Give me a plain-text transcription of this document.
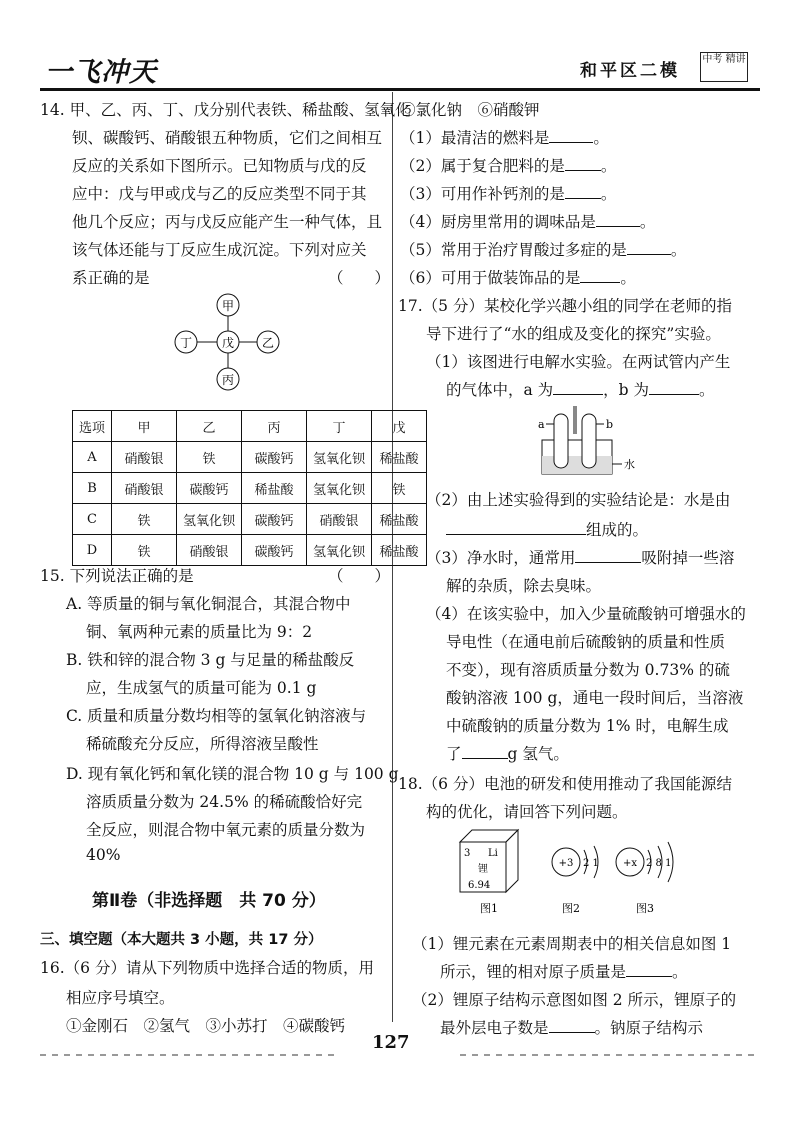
一飞冲天	和平区二模
中考 精讲
14. 甲、乙、丙、丁、戊分别代表铁、稀盐酸、氢氧化
钡、碳酸钙、硝酸银五种物质，它们之间相互
反应的关系如下图所示。已知物质与戊的反
应中：戊与甲或戊与乙的反应类型不同于其
他几个反应；丙与戊反应能产生一种气体，且
该气体还能与丁反应生成沉淀。下列对应关
系正确的是	（　　）
甲
丁 戊 乙
丙
选项	甲	乙	丙	丁	戊
A	硝酸银	铁	碳酸钙	氢氧化钡	稀盐酸
B	硝酸银	碳酸钙	稀盐酸	氢氧化钡	铁
C	铁	氢氧化钡	碳酸钙	硝酸银	稀盐酸
D	铁	硝酸银	碳酸钙	氢氧化钡	稀盐酸
15. 下列说法正确的是	（　　）
A. 等质量的铜与氧化铜混合，其混合物中
铜、氧两种元素的质量比为 9：2
B. 铁和锌的混合物 3 g 与足量的稀盐酸反
应，生成氢气的质量可能为 0.1 g
C. 质量和质量分数均相等的氢氧化钠溶液与
稀硫酸充分反应，所得溶液呈酸性
D. 现有氧化钙和氧化镁的混合物 10 g 与 100 g
溶质质量分数为 24.5% 的稀硫酸恰好完
全反应，则混合物中氧元素的质量分数为
40%
第Ⅱ卷（非选择题　共 70 分）
三、填空题（本大题共 3 小题，共 17 分）
16.（6 分）请从下列物质中选择合适的物质，用
相应序号填空。
①金刚石　②氢气　③小苏打　④碳酸钙
⑤氯化钠　⑥硝酸钾
（1）最清洁的燃料是	。
（2）属于复合肥料的是 。
（3）可用作补钙剂的是 。
（4）厨房里常用的调味品是	。
（5）常用于治疗胃酸过多症的是	。
（6）可用于做装饰品的是	。
17.（5 分）某校化学兴趣小组的同学在老师的指
导下进行了“水的组成及变化的探究”实验。
（1）该图进行电解水实验。在两试管内产生
的气体中，a 为	，b 为	。
a	b
水
（2）由上述实验得到的实验结论是：水是由
组成的。
（3）净水时，通常用	吸附掉一些溶
解的杂质，除去臭味。
（4）在该实验中，加入少量硫酸钠可增强水的
导电性（在通电前后硫酸钠的质量和性质
不变），现有溶质质量分数为 0.73% 的硫
酸钠溶液 100 g，通电一段时间后，当溶液
中硫酸钠的质量分数为 1% 时，电解生成
了	g 氢气。
18.（6 分）电池的研发和使用推动了我国能源结
构的优化，请回答下列问题。
3 Li
锂
6.94
图1
+3 2 1
图2
+x 2 8 1
图3
（1）锂元素在元素周期表中的相关信息如图 1
所示，锂的相对原子质量是	。
（2）锂原子结构示意图如图 2 所示，锂原子的
最外层电子数是	。钠原子结构示
127
